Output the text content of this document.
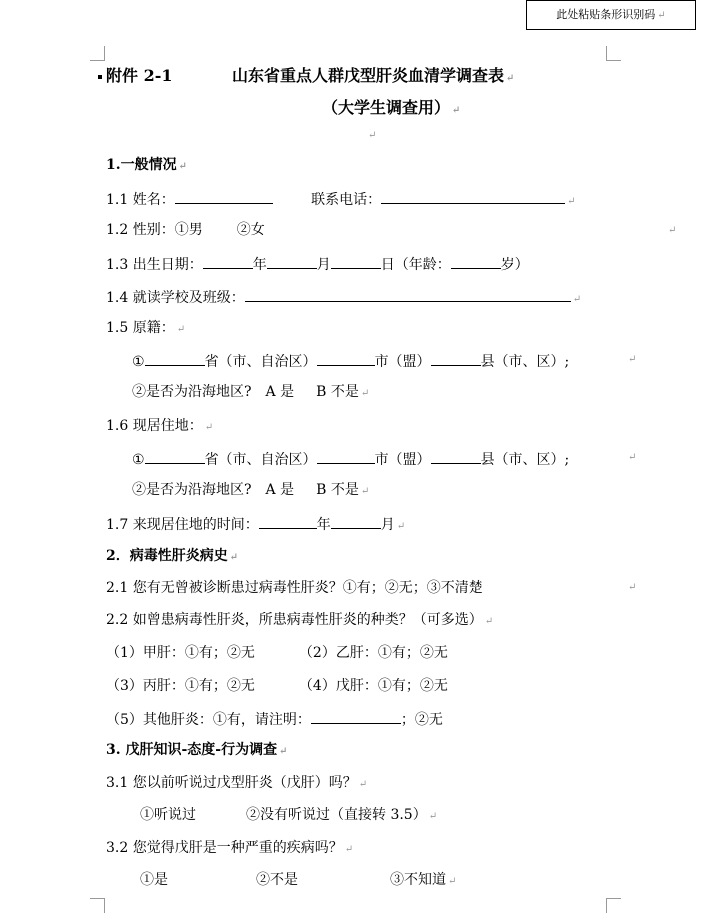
此处粘贴条形识别码 ↵
附件 2-1	山东省重点人群戊型肝炎血清学调查表 ↵
（大学生调查用） ↵
↵
1.一般情况 ↵
1.1 姓名：	联系电话：	↵
1.2 性别：①男 ②女	↵
1.3 出生日期：	年	月	日（年龄：	岁）
1.4 就读学校及班级：	↵
1.5 原籍： ↵
①	省（市、自治区）	市（盟）	县（市、区）;	↵
②是否为沿海地区? A 是 B 不是 ↵
1.6 现居住地： ↵
①	省（市、自治区）	市（盟）	县（市、区）;	↵
②是否为沿海地区? A 是 B 不是 ↵
1.7 来现居住地的时间：	年	月 ↵
2．病毒性肝炎病史 ↵
2.1 您有无曾被诊断患过病毒性肝炎？①有；②无；③不清楚	↵
2.2 如曾患病毒性肝炎，所患病毒性肝炎的种类？（可多选） ↵
（1）甲肝：①有；②无	（2）乙肝：①有；②无
（3）丙肝：①有；②无	（4）戊肝：①有；②无
（5）其他肝炎：①有，请注明：	；②无
3. 戊肝知识-态度-行为调查 ↵
3.1 您以前听说过戊型肝炎（戊肝）吗？ ↵
①听说过	②没有听说过（直接转 3.5） ↵
3.2 您觉得戊肝是一种严重的疾病吗？ ↵
①是	②不是	③不知道 ↵
